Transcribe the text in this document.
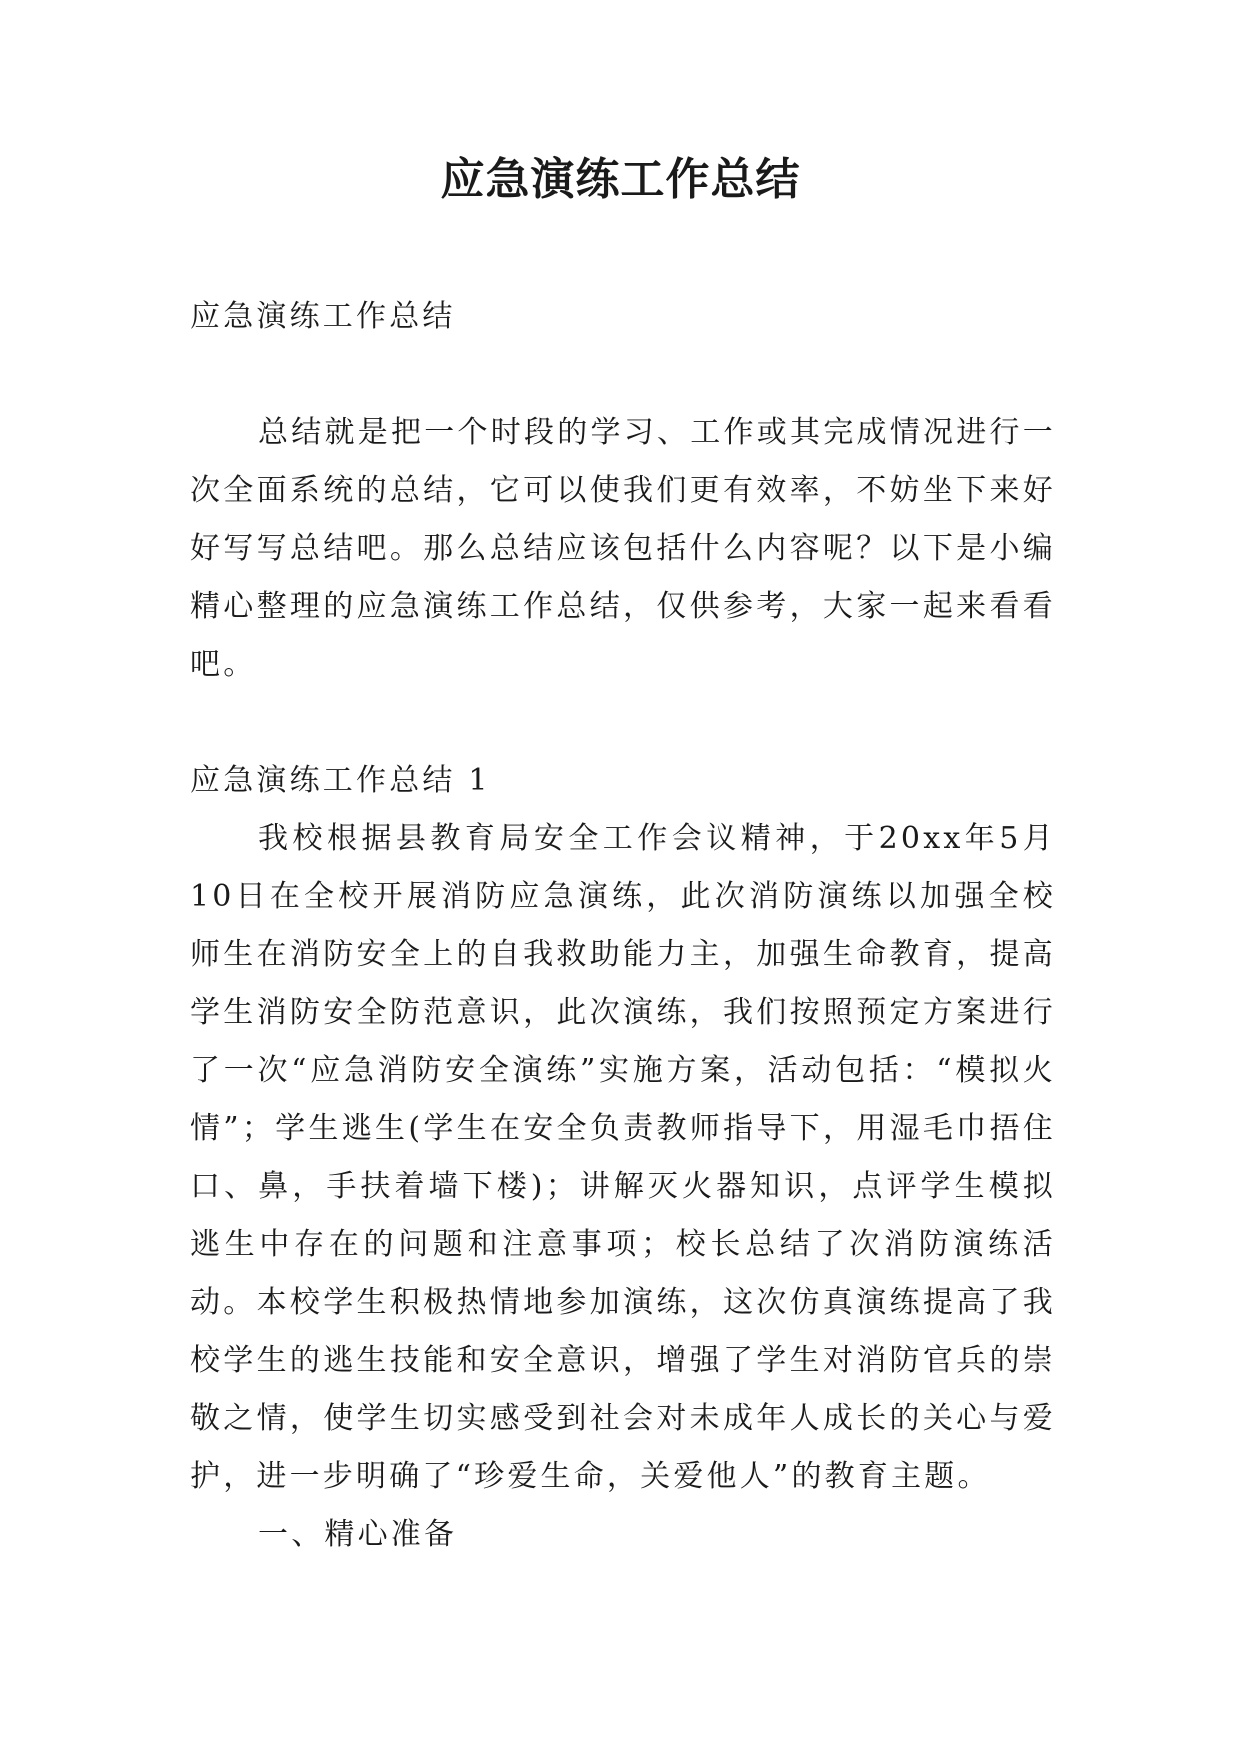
应急演练工作总结

应急演练工作总结

总结就是把一个时段的学习、工作或其完成情况进行一次全面系统的总结，它可以使我们更有效率，不妨坐下来好好写写总结吧。那么总结应该包括什么内容呢？以下是小编精心整理的应急演练工作总结，仅供参考，大家一起来看看吧。

应急演练工作总结 1

我校根据县教育局安全工作会议精神，于20xx年5月10日在全校开展消防应急演练，此次消防演练以加强全校师生在消防安全上的自我救助能力主，加强生命教育，提高学生消防安全防范意识，此次演练，我们按照预定方案进行了一次“应急消防安全演练”实施方案，活动包括：“模拟火情”；学生逃生(学生在安全负责教师指导下，用湿毛巾捂住口、鼻，手扶着墙下楼)；讲解灭火器知识，点评学生模拟逃生中存在的问题和注意事项；校长总结了次消防演练活动。本校学生积极热情地参加演练，这次仿真演练提高了我校学生的逃生技能和安全意识，增强了学生对消防官兵的崇敬之情，使学生切实感受到社会对未成年人成长的关心与爱护，进一步明确了“珍爱生命，关爱他人”的教育主题。

一、精心准备
